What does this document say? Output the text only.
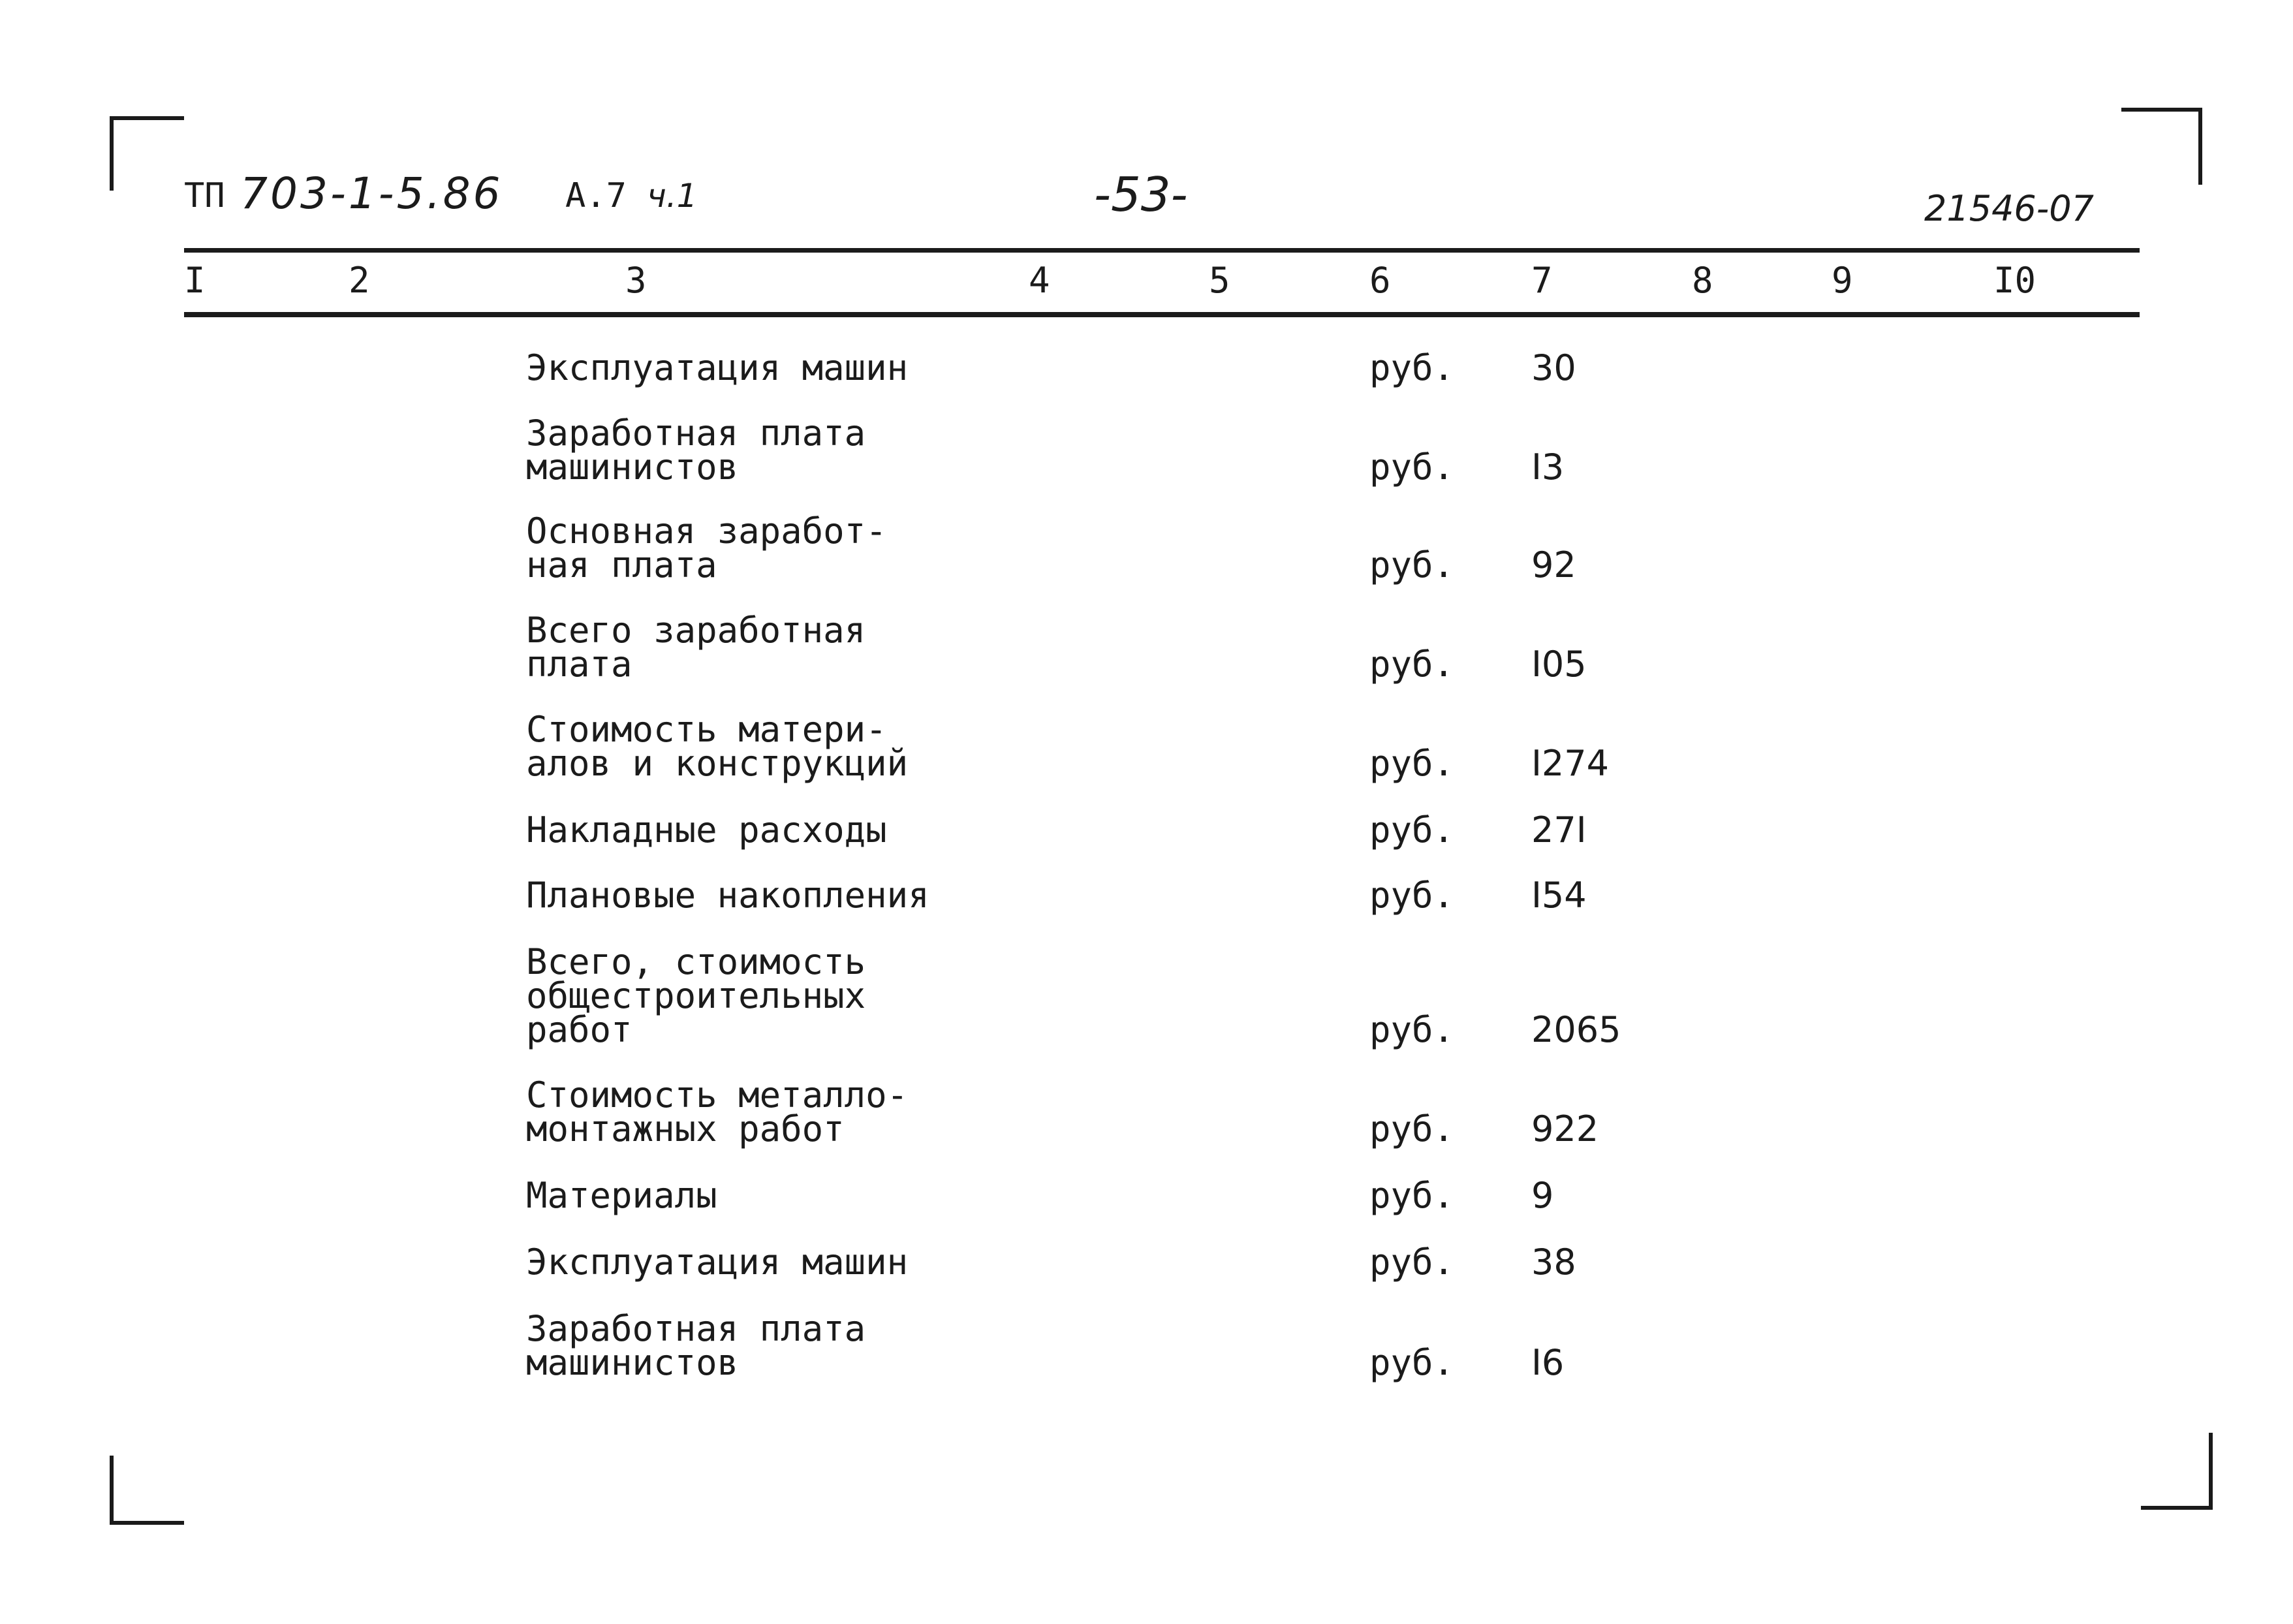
ТП 703-1-5.86 А.7 ч.1	-53-	21546-07
I	2	3	4	5	6	7	8	9	I0
Эксплуатация машин	руб. 30
Заработная плата
машинистов	руб. I3
Основная заработ-
ная плата	руб. 92
Всего заработная
плата	руб. I05
Стоимость матери-
алов и конструкций	руб. I274
Накладные расходы	руб. 27I
Плановые накопления	руб. I54
Всего, стоимость
общестроительных
работ	руб. 2065
Стоимость металло-
монтажных работ	руб. 922
Материалы	руб. 9
Эксплуатация машин	руб. 38
Заработная плата
машинистов	руб. I6
